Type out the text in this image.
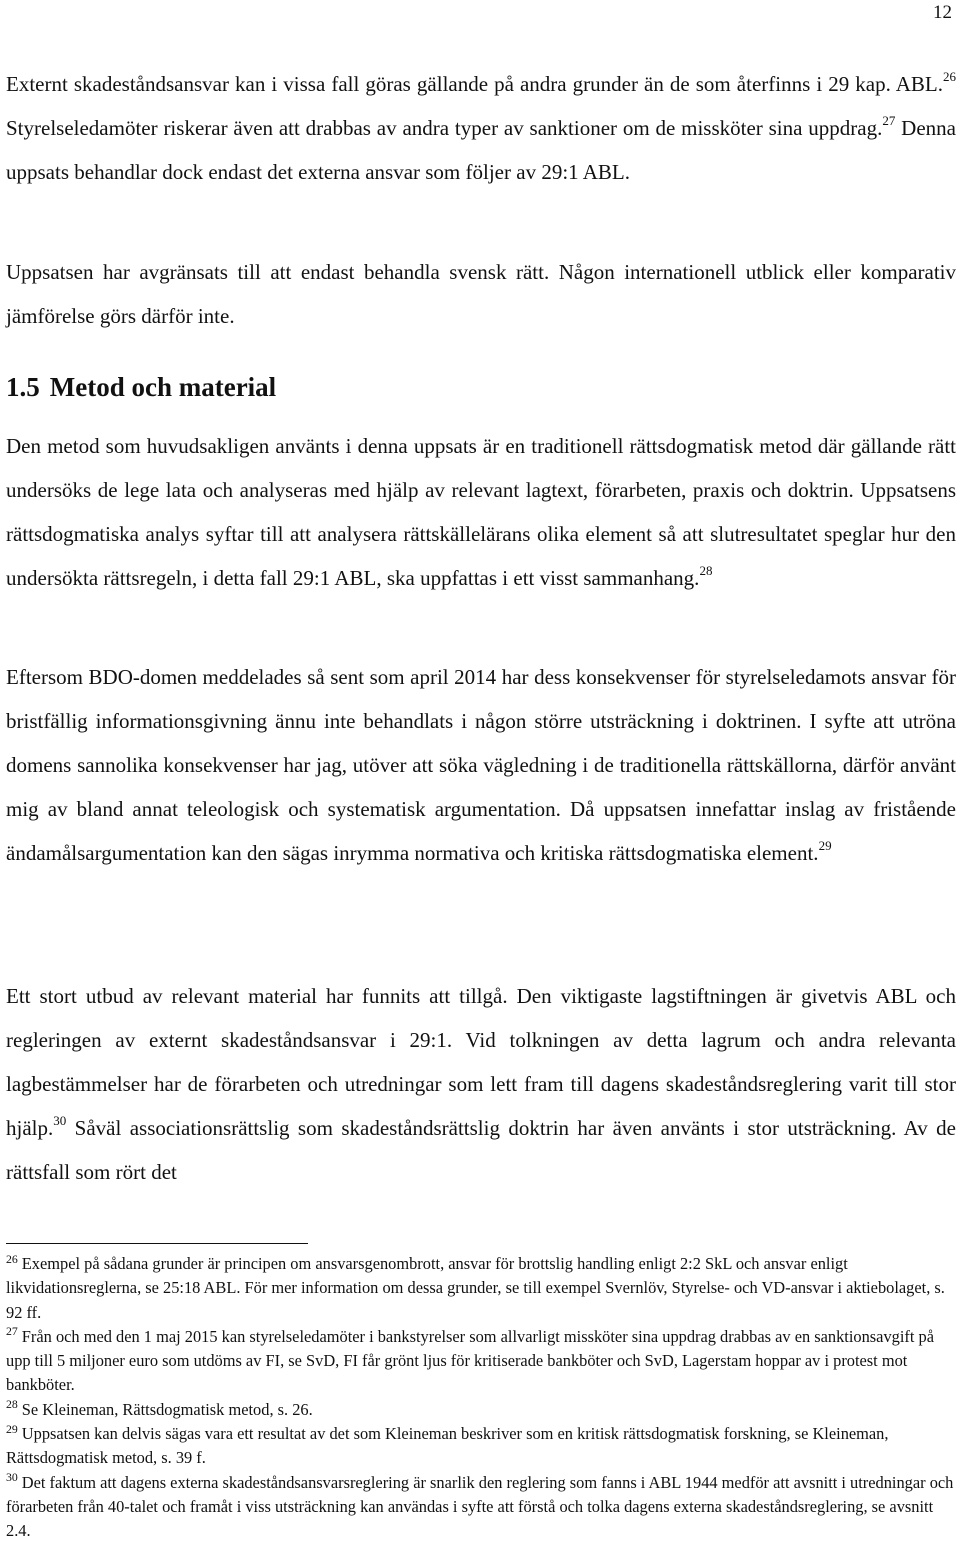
12

Externt skadeståndsansvar kan i vissa fall göras gällande på andra grunder än de som återfinns i 29 kap. ABL.$^{26}$ Styrelseledamöter riskerar även att drabbas av andra typer av sanktioner om de missköter sina uppdrag.$^{27}$ Denna uppsats behandlar dock endast det externa ansvar som följer av 29:1 ABL.

Uppsatsen har avgränsats till att endast behandla svensk rätt. Någon internationell utblick eller komparativ jämförelse görs därför inte.

1.5 Metod och material

Den metod som huvudsakligen använts i denna uppsats är en traditionell rättsdogmatisk metod där gällande rätt undersöks de lege lata och analyseras med hjälp av relevant lagtext, förarbeten, praxis och doktrin. Uppsatsens rättsdogmatiska analys syftar till att analysera rättskällelärans olika element så att slutresultatet speglar hur den undersökta rättsregeln, i detta fall 29:1 ABL, ska uppfattas i ett visst sammanhang.$^{28}$

Eftersom BDO-domen meddelades så sent som april 2014 har dess konsekvenser för styrelseledamots ansvar för bristfällig informationsgivning ännu inte behandlats i någon större utsträckning i doktrinen. I syfte att utröna domens sannolika konsekvenser har jag, utöver att söka vägledning i de traditionella rättskällorna, därför använt mig av bland annat teleologisk och systematisk argumentation. Då uppsatsen innefattar inslag av fristående ändamålsargumentation kan den sägas inrymma normativa och kritiska rättsdogmatiska element.$^{29}$

Ett stort utbud av relevant material har funnits att tillgå. Den viktigaste lagstiftningen är givetvis ABL och regleringen av externt skadeståndsansvar i 29:1. Vid tolkningen av detta lagrum och andra relevanta lagbestämmelser har de förarbeten och utredningar som lett fram till dagens skadeståndsreglering varit till stor hjälp.$^{30}$ Såväl associationsrättslig som skadeståndsrättslig doktrin har även använts i stor utsträckning. Av de rättsfall som rört det

$^{26}$ Exempel på sådana grunder är principen om ansvarsgenombrott, ansvar för brottslig handling enligt 2:2 SkL och ansvar enligt likvidationsreglerna, se 25:18 ABL. För mer information om dessa grunder, se till exempel Svernlöv, Styrelse- och VD-ansvar i aktiebolaget, s. 92 ff.

$^{27}$ Från och med den 1 maj 2015 kan styrelseledamöter i bankstyrelser som allvarligt missköter sina uppdrag drabbas av en sanktionsavgift på upp till 5 miljoner euro som utdöms av FI, se SvD, FI får grönt ljus för kritiserade bankböter och SvD, Lagerstam hoppar av i protest mot bankböter.

$^{28}$ Se Kleineman, Rättsdogmatisk metod, s. 26.

$^{29}$ Uppsatsen kan delvis sägas vara ett resultat av det som Kleineman beskriver som en kritisk rättsdogmatisk forskning, se Kleineman, Rättsdogmatisk metod, s. 39 f.

$^{30}$ Det faktum att dagens externa skadeståndsansvarsreglering är snarlik den reglering som fanns i ABL 1944 medför att avsnitt i utredningar och förarbeten från 40-talet och framåt i viss utsträckning kan användas i syfte att förstå och tolka dagens externa skadeståndsreglering, se avsnitt 2.4.
